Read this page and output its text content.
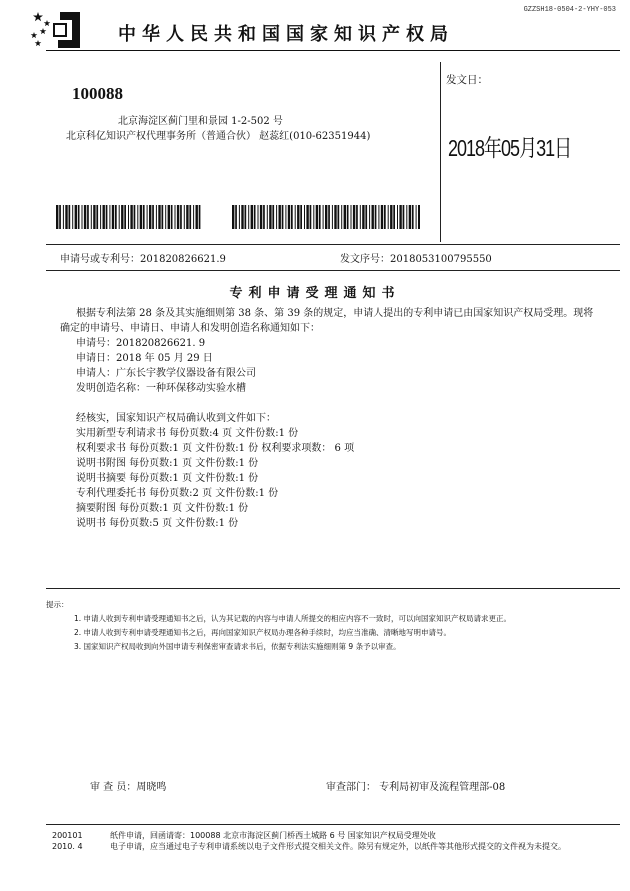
GZZSH18-0504-2-YHY-053
中华人民共和国国家知识产权局
100088
北京海淀区蓟门里和景园 1-2-502 号
北京科亿知识产权代理事务所（普通合伙） 赵蕊红(010-62351944)
发文日：
2018年05月31日
申请号或专利号：201820826621.9	发文序号：2018053100795550
专利申请受理通知书
根据专利法第 28 条及其实施细则第 38 条、第 39 条的规定，申请人提出的专利申请已由国家知识产权局受理。现将确定的申请号、申请日、申请人和发明创造名称通知如下：
申请号：201820826621. 9
申请日：2018 年 05 月 29 日
申请人：广东长宇教学仪器设备有限公司
发明创造名称：一种环保移动实验水槽
经核实，国家知识产权局确认收到文件如下：
实用新型专利请求书 每份页数:4 页 文件份数:1 份
权利要求书 每份页数:1 页 文件份数:1 份 权利要求项数： 6 项
说明书附图 每份页数:1 页 文件份数:1 份
说明书摘要 每份页数:1 页 文件份数:1 份
专利代理委托书 每份页数:2 页 文件份数:1 份
摘要附图 每份页数:1 页 文件份数:1 份
说明书 每份页数:5 页 文件份数:1 份
提示：
1. 申请人收到专利申请受理通知书之后，认为其记载的内容与申请人所提交的相应内容不一致时，可以向国家知识产权局请求更正。
2. 申请人收到专利申请受理通知书之后，再向国家知识产权局办理各种手续时，均应当准确、清晰地写明申请号。
3. 国家知识产权局收到向外国申请专利保密审查请求书后，依据专利法实施细则第 9 条予以审查。
审 查 员：周晓鸣	审查部门： 专利局初审及流程管理部-08
200101	纸件申请，回函请寄：100088 北京市海淀区蓟门桥西土城路 6 号 国家知识产权局受理处收
2010. 4	电子申请，应当通过电子专利申请系统以电子文件形式提交相关文件。除另有规定外，以纸件等其他形式提交的文件视为未提交。
